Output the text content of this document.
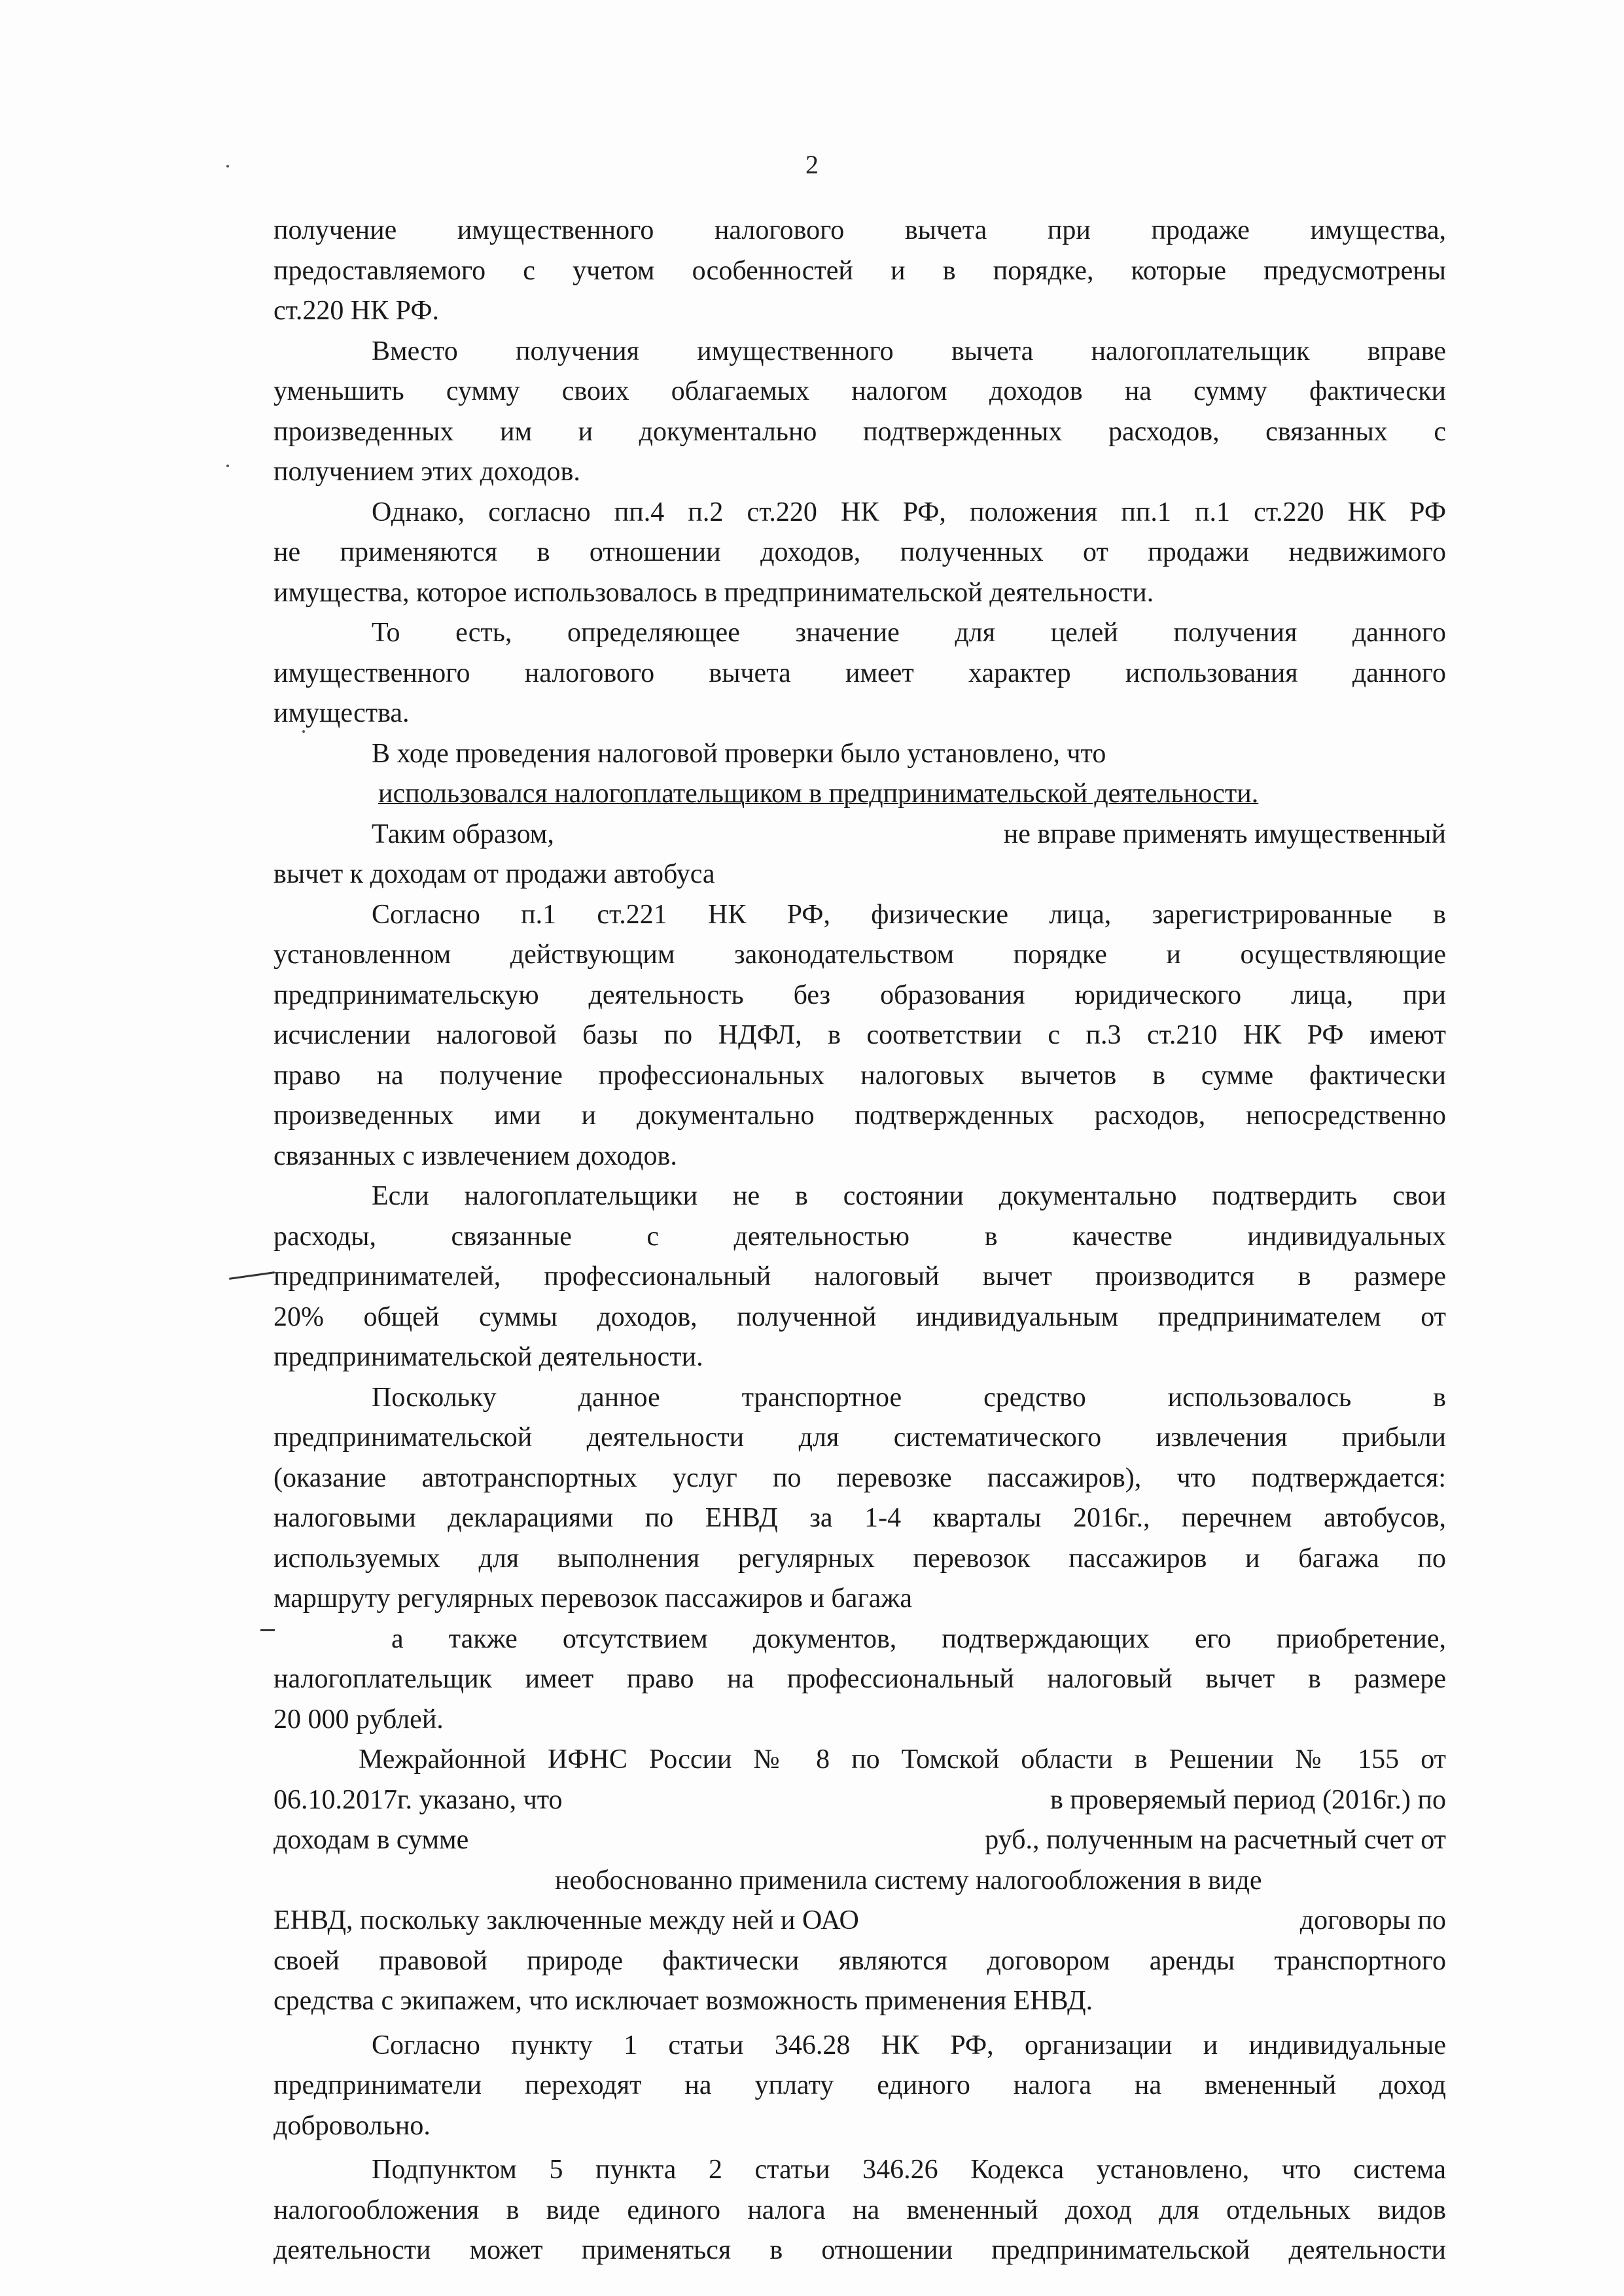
2
получение имущественного налогового вычета при продаже имущества,
предоставляемого с учетом особенностей и в порядке, которые предусмотрены
ст.220 НК РФ.
Вместо получения имущественного вычета налогоплательщик вправе
уменьшить сумму своих облагаемых налогом доходов на сумму фактически
произведенных им и документально подтвержденных расходов, связанных с
получением этих доходов.
Однако, согласно пп.4 п.2 ст.220 НК РФ, положения пп.1 п.1 ст.220 НК РФ
не применяются в отношении доходов, полученных от продажи недвижимого
имущества, которое использовалось в предпринимательской деятельности.
То есть, определяющее значение для целей получения данного
имущественного налогового вычета имеет характер использования данного
имущества.
В ходе проведения налоговой проверки было установлено, что
использовался налогоплательщиком в предпринимательской деятельности.
Таким образом,	не вправе применять имущественный
вычет к доходам от продажи автобуса
Согласно п.1 ст.221 НК РФ, физические лица, зарегистрированные в
установленном действующим законодательством порядке и осуществляющие
предпринимательскую деятельность без образования юридического лица, при
исчислении налоговой базы по НДФЛ, в соответствии с п.3 ст.210 НК РФ имеют
право на получение профессиональных налоговых вычетов в сумме фактически
произведенных ими и документально подтвержденных расходов, непосредственно
связанных с извлечением доходов.
Если налогоплательщики не в состоянии документально подтвердить свои
расходы, связанные с деятельностью в качестве индивидуальных
предпринимателей, профессиональный налоговый вычет производится в размере
20% общей суммы доходов, полученной индивидуальным предпринимателем от
предпринимательской деятельности.
Поскольку данное транспортное средство использовалось в
предпринимательской деятельности для систематического извлечения прибыли
(оказание автотранспортных услуг по перевозке пассажиров), что подтверждается:
налоговыми декларациями по ЕНВД за 1-4 кварталы 2016г., перечнем автобусов,
используемых для выполнения регулярных перевозок пассажиров и багажа по
маршруту регулярных перевозок пассажиров и багажа
а также отсутствием документов, подтверждающих его приобретение,
налогоплательщик имеет право на профессиональный налоговый вычет в размере
20 000 рублей.
Межрайонной ИФНС России № 8 по Томской области в Решении № 155 от
06.10.2017г. указано, что	в проверяемый период (2016г.) по
доходам в сумме	руб., полученным на расчетный счет от
необоснованно применила систему налогообложения в виде
ЕНВД, поскольку заключенные между ней и ОАО	договоры по
своей правовой природе фактически являются договором аренды транспортного
средства с экипажем, что исключает возможность применения ЕНВД.
Согласно пункту 1 статьи 346.28 НК РФ, организации и индивидуальные
предприниматели переходят на уплату единого налога на вмененный доход
добровольно.
Подпунктом 5 пункта 2 статьи 346.26 Кодекса установлено, что система
налогообложения в виде единого налога на вмененный доход для отдельных видов
деятельности может применяться в отношении предпринимательской деятельности
